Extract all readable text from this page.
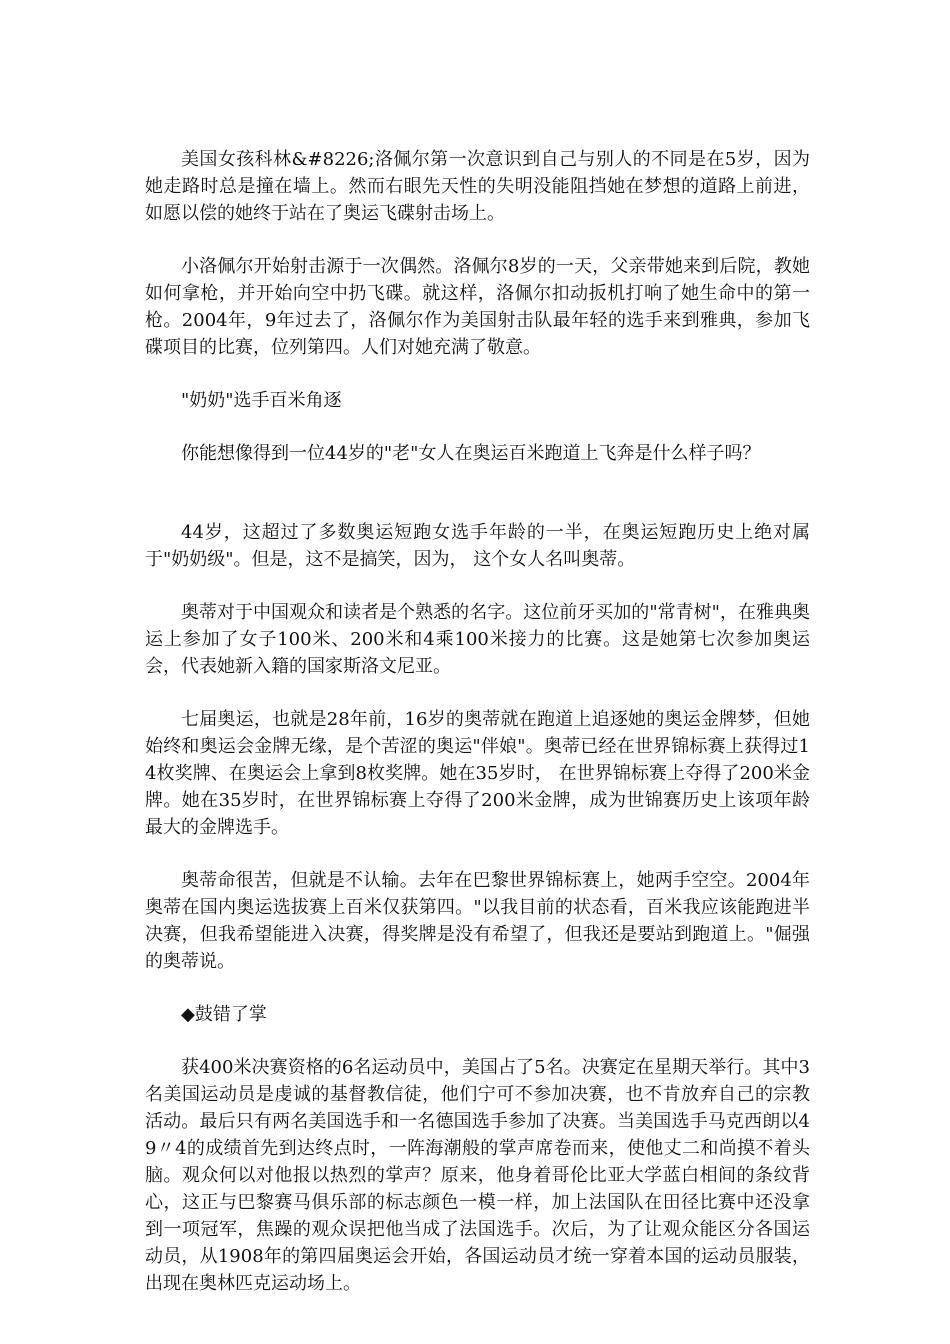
美国女孩科林&#8226;洛佩尔第一次意识到自己与别人的不同是在5岁，因为她走路时总是撞在墙上。然而右眼先天性的失明没能阻挡她在梦想的道路上前进，如愿以偿的她终于站在了奥运飞碟射击场上。

小洛佩尔开始射击源于一次偶然。洛佩尔8岁的一天，父亲带她来到后院，教她如何拿枪，并开始向空中扔飞碟。就这样，洛佩尔扣动扳机打响了她生命中的第一枪。2004年，9年过去了，洛佩尔作为美国射击队最年轻的选手来到雅典，参加飞碟项目的比赛，位列第四。人们对她充满了敬意。

"奶奶"选手百米角逐

你能想像得到一位44岁的"老"女人在奥运百米跑道上飞奔是什么样子吗？

44岁，这超过了多数奥运短跑女选手年龄的一半，在奥运短跑历史上绝对属于"奶奶级"。但是，这不是搞笑，因为， 这个女人名叫奥蒂。

奥蒂对于中国观众和读者是个熟悉的名字。这位前牙买加的"常青树"，在雅典奥运上参加了女子100米、200米和4乘100米接力的比赛。这是她第七次参加奥运会，代表她新入籍的国家斯洛文尼亚。

七届奥运，也就是28年前，16岁的奥蒂就在跑道上追逐她的奥运金牌梦，但她始终和奥运会金牌无缘，是个苦涩的奥运"伴娘"。奥蒂已经在世界锦标赛上获得过14枚奖牌、在奥运会上拿到8枚奖牌。她在35岁时， 在世界锦标赛上夺得了200米金牌。她在35岁时，在世界锦标赛上夺得了200米金牌，成为世锦赛历史上该项年龄最大的金牌选手。

奥蒂命很苦，但就是不认输。去年在巴黎世界锦标赛上，她两手空空。2004年奥蒂在国内奥运选拔赛上百米仅获第四。"以我目前的状态看，百米我应该能跑进半决赛，但我希望能进入决赛，得奖牌是没有希望了，但我还是要站到跑道上。"倔强的奥蒂说。

◆鼓错了掌

获400米决赛资格的6名运动员中，美国占了5名。决赛定在星期天举行。其中3名美国运动员是虔诚的基督教信徒，他们宁可不参加决赛，也不肯放弃自己的宗教活动。最后只有两名美国选手和一名德国选手参加了决赛。当美国选手马克西朗以49〃4的成绩首先到达终点时，一阵海潮般的掌声席卷而来，使他丈二和尚摸不着头脑。观众何以对他报以热烈的掌声？原来，他身着哥伦比亚大学蓝白相间的条纹背心，这正与巴黎赛马俱乐部的标志颜色一模一样，加上法国队在田径比赛中还没拿到一项冠军，焦躁的观众误把他当成了法国选手。次后，为了让观众能区分各国运动员，从1908年的第四届奥运会开始，各国运动员才统一穿着本国的运动员服装，出现在奥林匹克运动场上。
